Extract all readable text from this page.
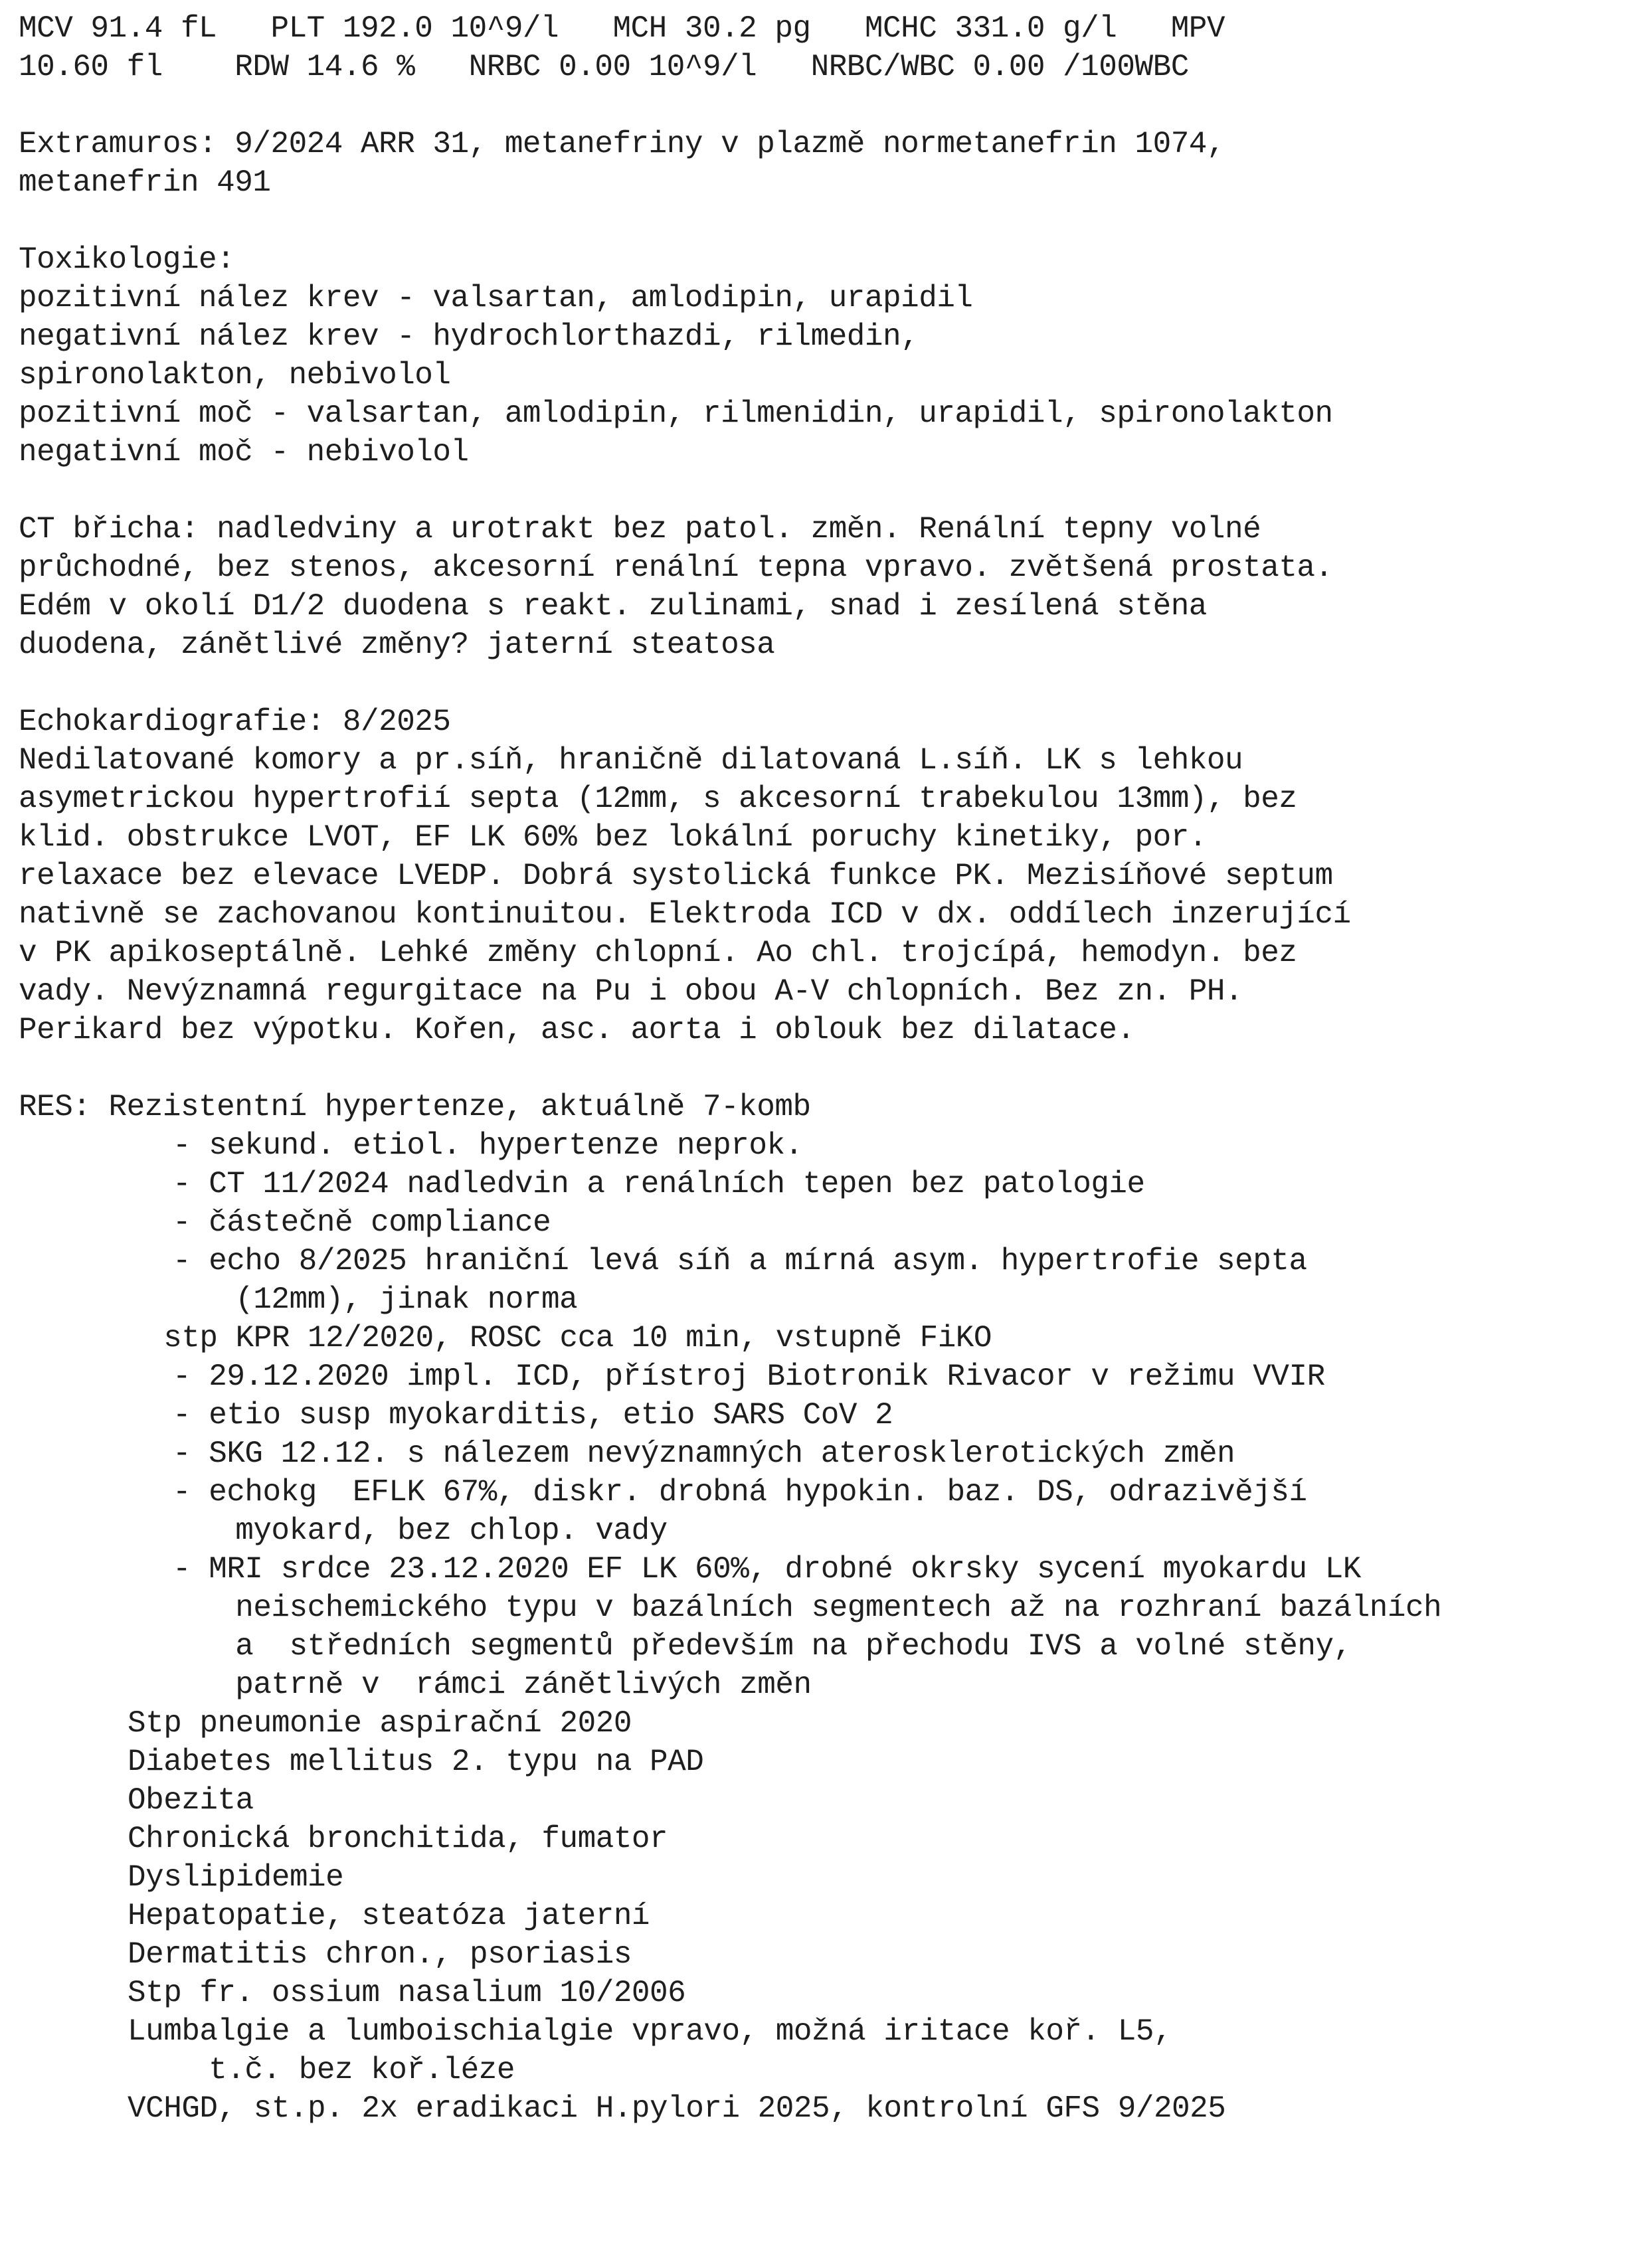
MCV 91.4 fL   PLT 192.0 10^9/l   MCH 30.2 pg   MCHC 331.0 g/l   MPV
10.60 fl    RDW 14.6 %   NRBC 0.00 10^9/l   NRBC/WBC 0.00 /100WBC
Extramuros: 9/2024 ARR 31, metanefriny v plazmě normetanefrin 1074,
metanefrin 491
Toxikologie:
pozitivní nález krev - valsartan, amlodipin, urapidil
negativní nález krev - hydrochlorthazdi, rilmedin,
spironolakton, nebivolol
pozitivní moč - valsartan, amlodipin, rilmenidin, urapidil, spironolakton
negativní moč - nebivolol
CT břicha: nadledviny a urotrakt bez patol. změn. Renální tepny volné
průchodné, bez stenos, akcesorní renální tepna vpravo. zvětšená prostata.
Edém v okolí D1/2 duodena s reakt. zulinami, snad i zesílená stěna
duodena, zánětlivé změny? jaterní steatosa
Echokardiografie: 8/2025
Nedilatované komory a pr.síň, hraničně dilatovaná L.síň. LK s lehkou
asymetrickou hypertrofií septa (12mm, s akcesorní trabekulou 13mm), bez
klid. obstrukce LVOT, EF LK 60% bez lokální poruchy kinetiky, por.
relaxace bez elevace LVEDP. Dobrá systolická funkce PK. Mezisíňové septum
nativně se zachovanou kontinuitou. Elektroda ICD v dx. oddílech inzerující
v PK apikoseptálně. Lehké změny chlopní. Ao chl. trojcípá, hemodyn. bez
vady. Nevýznamná regurgitace na Pu i obou A-V chlopních. Bez zn. PH.
Perikard bez výpotku. Kořen, asc. aorta i oblouk bez dilatace.
RES: Rezistentní hypertenze, aktuálně 7-komb
- sekund. etiol. hypertenze neprok.
- CT 11/2024 nadledvin a renálních tepen bez patologie
- částečně compliance
- echo 8/2025 hraniční levá síň a mírná asym. hypertrofie septa
(12mm), jinak norma
stp KPR 12/2020, ROSC cca 10 min, vstupně FiKO
- 29.12.2020 impl. ICD, přístroj Biotronik Rivacor v režimu VVIR
- etio susp myokarditis, etio SARS CoV 2
- SKG 12.12. s nálezem nevýznamných aterosklerotických změn
- echokg  EFLK 67%, diskr. drobná hypokin. baz. DS, odrazivější
myokard, bez chlop. vady
- MRI srdce 23.12.2020 EF LK 60%, drobné okrsky sycení myokardu LK
neischemického typu v bazálních segmentech až na rozhraní bazálních
a  středních segmentů především na přechodu IVS a volné stěny,
patrně v  rámci zánětlivých změn
Stp pneumonie aspirační 2020
Diabetes mellitus 2. typu na PAD
Obezita
Chronická bronchitida, fumator
Dyslipidemie
Hepatopatie, steatóza jaterní
Dermatitis chron., psoriasis
Stp fr. ossium nasalium 10/2006
Lumbalgie a lumboischialgie vpravo, možná iritace koř. L5,
t.č. bez koř.léze
VCHGD, st.p. 2x eradikaci H.pylori 2025, kontrolní GFS 9/2025
